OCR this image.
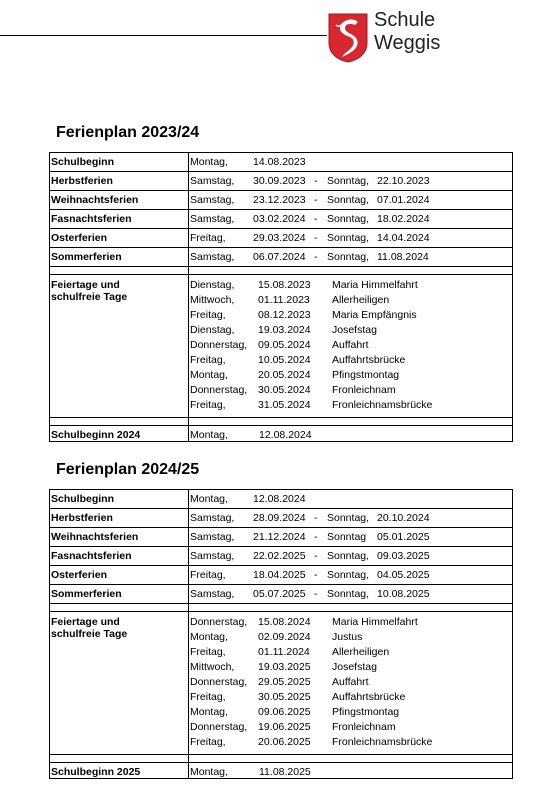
Schule
Weggis
Ferienplan 2023/24
Schulbeginn	Montag, 14.08.2023
Herbstferien	Samstag, 30.09.2023 - Sonntag, 22.10.2023
Weihnachtsferien	Samstag, 23.12.2023 - Sonntag, 07.01.2024
Fasnachtsferien	Samstag, 03.02.2024 - Sonntag, 18.02.2024
Osterferien	Freitag,	29.03.2024 - Sonntag, 14.04.2024
Sommerferien	Samstag, 06.07.2024 - Sonntag, 11.08.2024
Feiertage und
schulfreie Tage
Dienstag, 15.08.2023 Maria Himmelfahrt
Mittwoch, 01.11.2023 Allerheiligen
Freitag,	08.12.2023 Maria Empfängnis
Dienstag, 19.03.2024 Josefstag
Donnerstag, 09.05.2024 Auffahrt
Freitag,	10.05.2024 Auffahrtsbrücke
Montag,	20.05.2024 Pfingstmontag
Donnerstag, 30.05.2024 Fronleichnam
Freitag,	31.05.2024 Fronleichnamsbrücke
Schulbeginn 2024	Montag,	12.08.2024
Ferienplan 2024/25
Schulbeginn	Montag, 12.08.2024
Herbstferien	Samstag, 28.09.2024 - Sonntag, 20.10.2024
Weihnachtsferien	Samstag, 21.12.2024 - Sonntag 05.01.2025
Fasnachtsferien	Samstag, 22.02.2025 - Sonntag, 09.03.2025
Osterferien	Freitag,	18.04.2025 - Sonntag, 04.05.2025
Sommerferien	Samstag, 05.07.2025 - Sonntag, 10.08.2025
Feiertage und
schulfreie Tage
Donnerstag, 15.08.2024 Maria Himmelfahrt
Montag,	02.09.2024 Justus
Freitag,	01.11.2024 Allerheiligen
Mittwoch, 19.03.2025 Josefstag
Donnerstag, 29.05.2025 Auffahrt
Freitag,	30.05.2025 Auffahrtsbrücke
Montag,	09.06.2025 Pfingstmontag
Donnerstag, 19.06.2025 Fronleichnam
Freitag,	20.06.2025 Fronleichnamsbrücke
Schulbeginn 2025	Montag,	11.08.2025
